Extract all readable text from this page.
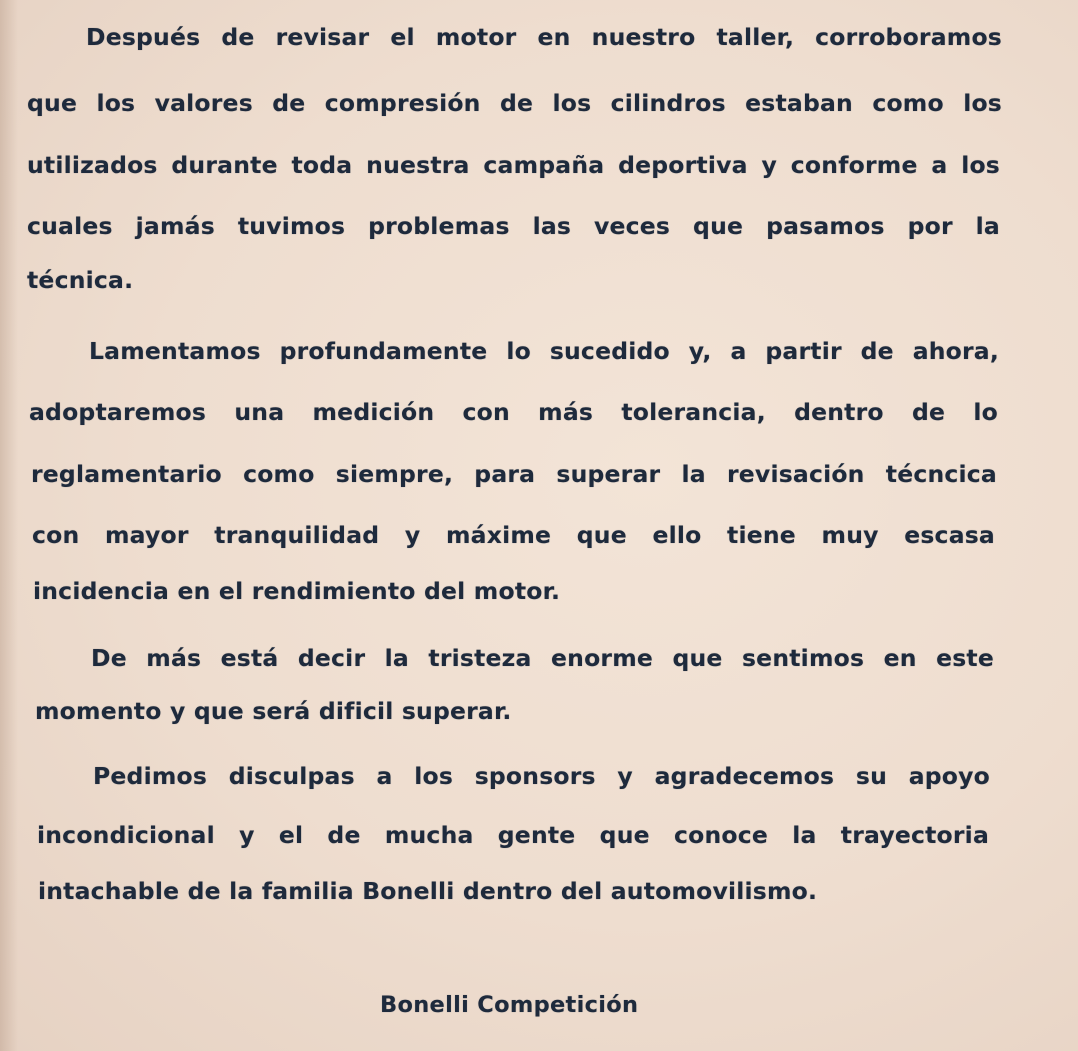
Después de revisar el motor en nuestro taller, corroboramos
que los valores de compresión de los cilindros estaban como los
utilizados durante toda nuestra campaña deportiva y conforme a los
cuales jamás tuvimos problemas las veces que pasamos por la
técnica.
Lamentamos profundamente lo sucedido y, a partir de ahora,
adoptaremos una medición con más tolerancia, dentro de lo
reglamentario como siempre, para superar la revisación técncica
con mayor tranquilidad y máxime que ello tiene muy escasa
incidencia en el rendimiento del motor.
De más está decir la tristeza enorme que sentimos en este
momento y que será dificil superar.
Pedimos disculpas a los sponsors y agradecemos su apoyo
incondicional y el de mucha gente que conoce la trayectoria
intachable de la familia Bonelli dentro del automovilismo.
Bonelli Competición
